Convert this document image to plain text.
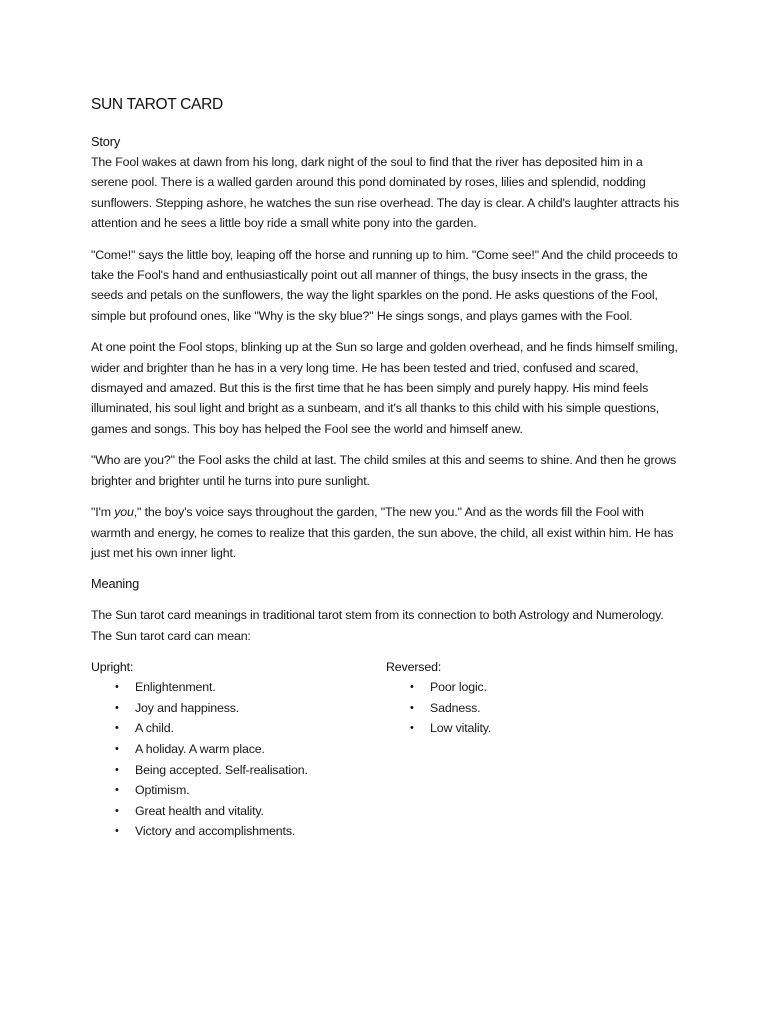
SUN TAROT CARD
Story

The Fool wakes at dawn from his long, dark night of the soul to find that the river has deposited him in a serene pool. There is a walled garden around this pond dominated by roses, lilies and splendid, nodding sunflowers. Stepping ashore, he watches the sun rise overhead. The day is clear. A child's laughter attracts his attention and he sees a little boy ride a small white pony into the garden.

"Come!" says the little boy, leaping off the horse and running up to him. "Come see!" And the child proceeds to take the Fool's hand and enthusiastically point out all manner of things, the busy insects in the grass, the seeds and petals on the sunflowers, the way the light sparkles on the pond. He asks questions of the Fool, simple but profound ones, like "Why is the sky blue?" He sings songs, and plays games with the Fool.

At one point the Fool stops, blinking up at the Sun so large and golden overhead, and he finds himself smiling, wider and brighter than he has in a very long time. He has been tested and tried, confused and scared, dismayed and amazed. But this is the first time that he has been simply and purely happy. His mind feels illuminated, his soul light and bright as a sunbeam, and it's all thanks to this child with his simple questions, games and songs. This boy has helped the Fool see the world and himself anew.

"Who are you?" the Fool asks the child at last. The child smiles at this and seems to shine. And then he grows brighter and brighter until he turns into pure sunlight.

"I'm you," the boy's voice says throughout the garden, "The new you." And as the words fill the Fool with warmth and energy, he comes to realize that this garden, the sun above, the child, all exist within him. He has just met his own inner light.

Meaning

The Sun tarot card meanings in traditional tarot stem from its connection to both Astrology and Numerology. The Sun tarot card can mean:

Upright:
• Enlightenment.
• Joy and happiness.
• A child.
• A holiday. A warm place.
• Being accepted. Self-realisation.
• Optimism.
• Great health and vitality.
• Victory and accomplishments.
Reversed:
• Poor logic.
• Sadness.
• Low vitality.
